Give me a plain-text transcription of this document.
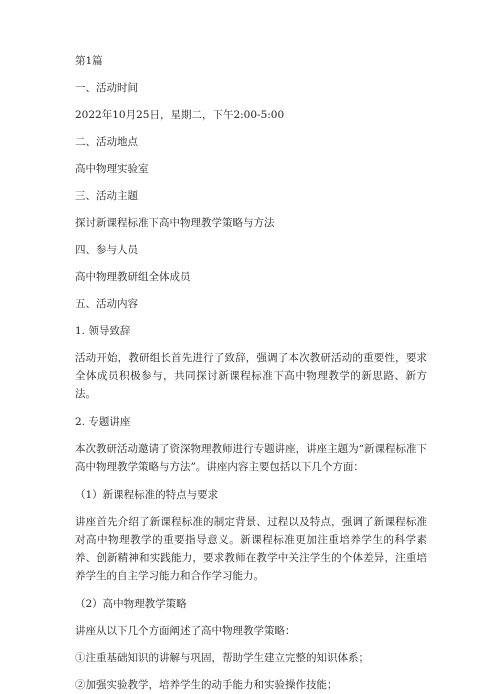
第1篇

一、活动时间

2022年10月25日，星期二，下午2:00-5:00

二、活动地点

高中物理实验室

三、活动主题

探讨新课程标准下高中物理教学策略与方法

四、参与人员

高中物理教研组全体成员

五、活动内容

1. 领导致辞

活动开始，教研组长首先进行了致辞，强调了本次教研活动的重要性，要求全体成员积极参与，共同探讨新课程标准下高中物理教学的新思路、新方法。

2. 专题讲座

本次教研活动邀请了资深物理教师进行专题讲座，讲座主题为“新课程标准下高中物理教学策略与方法”。讲座内容主要包括以下几个方面：

（1）新课程标准的特点与要求

讲座首先介绍了新课程标准的制定背景、过程以及特点，强调了新课程标准对高中物理教学的重要指导意义。新课程标准更加注重培养学生的科学素养、创新精神和实践能力，要求教师在教学中关注学生的个体差异，注重培养学生的自主学习能力和合作学习能力。

（2）高中物理教学策略

讲座从以下几个方面阐述了高中物理教学策略：

①注重基础知识的讲解与巩固，帮助学生建立完整的知识体系；

②加强实验教学，培养学生的动手能力和实验操作技能；
